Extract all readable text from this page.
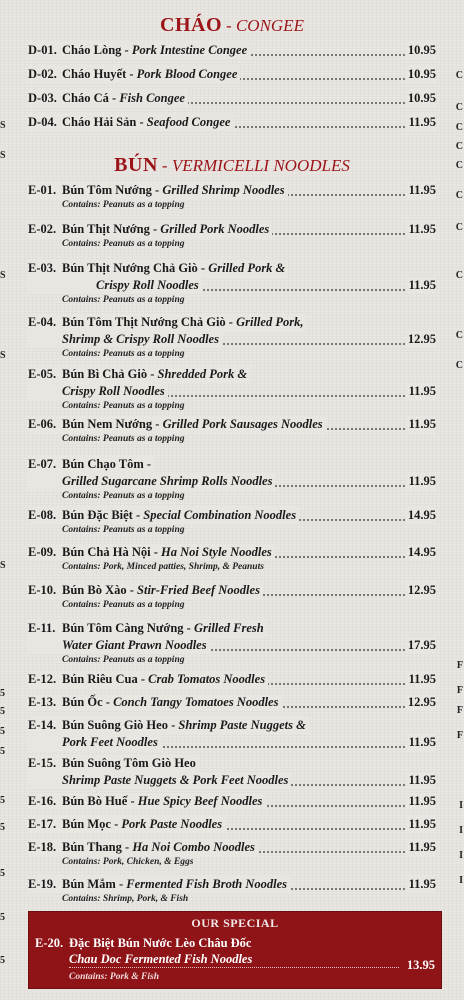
S
S
S
S
S
5
5
5
5
5
5
5
5
5
C
C
C
C
C
C
C
C
C
C
F
F
F
F
I
I
I
I
CHÁO - CONGEE
D-01. Cháo Lòng - Pork Intestine Congee	10.95
D-02. Cháo Huyết - Pork Blood Congee	10.95
D-03. Cháo Cá - Fish Congee	10.95
D-04. Cháo Hải Sản - Seafood Congee	11.95
BÚN - VERMICELLI NOODLES
E-01. Bún Tôm Nướng - Grilled Shrimp Noodles	11.95
Contains: Peanuts as a topping
E-02. Bún Thịt Nướng - Grilled Pork Noodles	11.95
Contains: Peanuts as a topping
E-03. Bún Thịt Nướng Chả Giò - Grilled Pork &
Crispy Roll Noodles	11.95
Contains: Peanuts as a topping
E-04. Bún Tôm Thịt Nướng Chả Giò - Grilled Pork,
Shrimp & Crispy Roll Noodles	12.95
Contains: Peanuts as a topping
E-05. Bún Bì Chả Giò - Shredded Pork &
Crispy Roll Noodles	11.95
Contains: Peanuts as a topping
E-06. Bún Nem Nướng - Grilled Pork Sausages Noodles	11.95
Contains: Peanuts as a topping
E-07. Bún Chạo Tôm -
Grilled Sugarcane Shrimp Rolls Noodles	11.95
Contains: Peanuts as a topping
E-08. Bún Đặc Biệt - Special Combination Noodles	14.95
Contains: Peanuts as a topping
E-09. Bún Chả Hà Nội - Ha Noi Style Noodles	14.95
Contains: Pork, Minced patties, Shrimp, & Peanuts
E-10. Bún Bò Xào - Stir-Fried Beef Noodles	12.95
Contains: Peanuts as a topping
E-11. Bún Tôm Càng Nướng - Grilled Fresh
Water Giant Prawn Noodles	17.95
Contains: Peanuts as a topping
E-12. Bún Riêu Cua - Crab Tomatos Noodles	11.95
E-13. Bún Ốc - Conch Tangy Tomatoes Noodles	12.95
E-14. Bún Suông Giò Heo - Shrimp Paste Nuggets &
Pork Feet Noodles	11.95
E-15. Bún Suông Tôm Giò Heo
Shrimp Paste Nuggets & Pork Feet Noodles	11.95
E-16. Bún Bò Huế - Hue Spicy Beef Noodles	11.95
E-17. Bún Mọc - Pork Paste Noodles	11.95
E-18. Bún Thang - Ha Noi Combo Noodles	11.95
Contains: Pork, Chicken, & Eggs
E-19. Bún Mắm - Fermented Fish Broth Noodles	11.95
Contains: Shrimp, Pork, & Fish
OUR SPECIAL
E-20. Đặc Biệt Bún Nước Lèo Châu Đốc
Chau Doc Fermented Fish Noodles	13.95
Contains: Pork & Fish
